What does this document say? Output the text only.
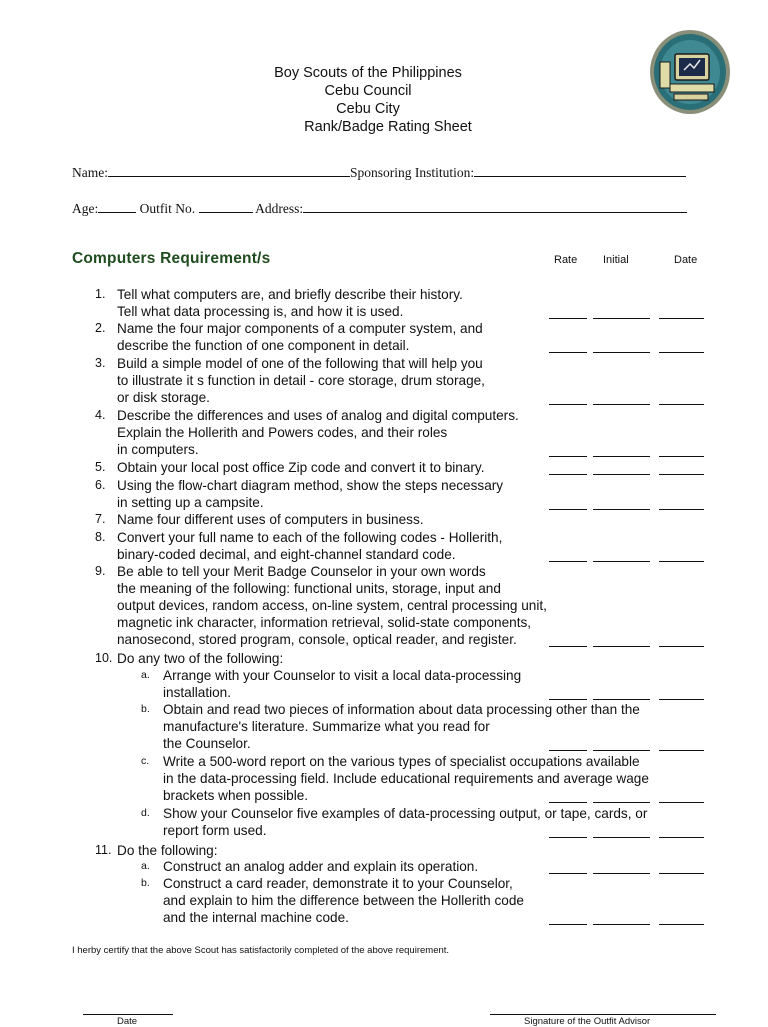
Boy Scouts of the Philippines
Cebu Council
Cebu City
Rank/Badge Rating Sheet
Name:	Sponsoring Institution:
Age:	Outfit No.	Address:
Computers Requirement/s	Rate Initial	Date
1. Tell what computers are, and briefly describe their history.
Tell what data processing is, and how it is used.
2. Name the four major components of a computer system, and
describe the function of one component in detail.
3. Build a simple model of one of the following that will help you
to illustrate it s function in detail - core storage, drum storage,
or disk storage.
4. Describe the differences and uses of analog and digital computers.
Explain the Hollerith and Powers codes, and their roles
in computers.
5. Obtain your local post office Zip code and convert it to binary.
6. Using the flow-chart diagram method, show the steps necessary
in setting up a campsite.
7. Name four different uses of computers in business.
8. Convert your full name to each of the following codes - Hollerith,
binary-coded decimal, and eight-channel standard code.
9. Be able to tell your Merit Badge Counselor in your own words
the meaning of the following: functional units, storage, input and
output devices, random access, on-line system, central processing unit,
magnetic ink character, information retrieval, solid-state components,
nanosecond, stored program, console, optical reader, and register.
10. Do any two of the following:
a. Arrange with your Counselor to visit a local data-processing
installation.
b. Obtain and read two pieces of information about data processing other than the
manufacture's literature. Summarize what you read for
the Counselor.
c. Write a 500-word report on the various types of specialist occupations available
in the data-processing field. Include educational requirements and average wage
brackets when possible.
d. Show your Counselor five examples of data-processing output, or tape, cards, or
report form used.
11. Do the following:
a. Construct an analog adder and explain its operation.
b. Construct a card reader, demonstrate it to your Counselor,
and explain to him the difference between the Hollerith code
and the internal machine code.
I herby certify that the above Scout has satisfactorily completed of the above requirement.
Date	Signature of the Outfit Advisor
